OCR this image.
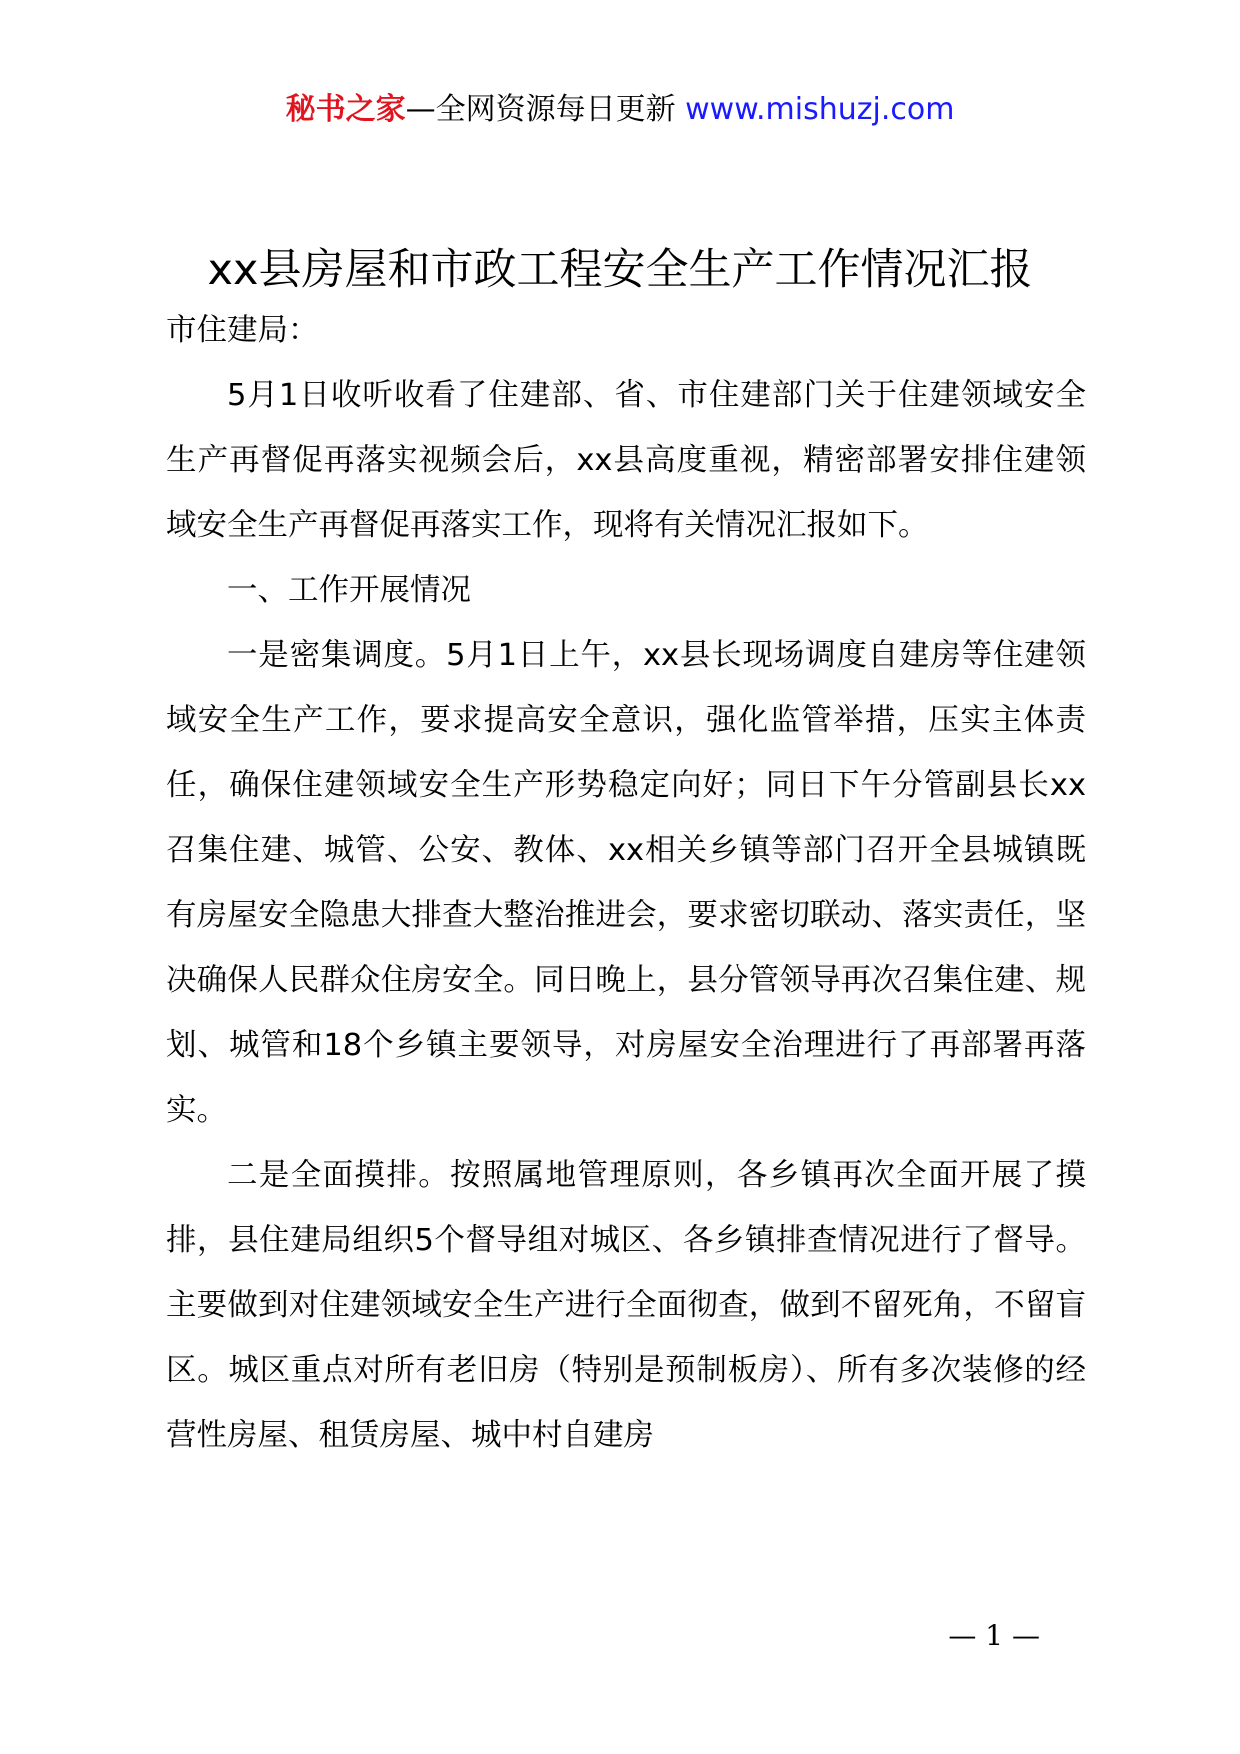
秘书之家—全网资源每日更新 www.mishuzj.com
xx县房屋和市政工程安全生产工作情况汇报

市住建局：

5月1日收听收看了住建部、省、市住建部门关于住建领域安全生产再督促再落实视频会后，xx县高度重视，精密部署安排住建领域安全生产再督促再落实工作，现将有关情况汇报如下。

一、工作开展情况

一是密集调度。5月1日上午，xx县长现场调度自建房等住建领域安全生产工作，要求提高安全意识，强化监管举措，压实主体责任，确保住建领域安全生产形势稳定向好；同日下午分管副县长xx召集住建、城管、公安、教体、xx相关乡镇等部门召开全县城镇既有房屋安全隐患大排查大整治推进会，要求密切联动、落实责任，坚决确保人民群众住房安全。同日晚上，县分管领导再次召集住建、规划、城管和18个乡镇主要领导，对房屋安全治理进行了再部署再落实。

二是全面摸排。按照属地管理原则，各乡镇再次全面开展了摸排，县住建局组织5个督导组对城区、各乡镇排查情况进行了督导。主要做到对住建领域安全生产进行全面彻查，做到不留死角，不留盲区。城区重点对所有老旧房（特别是预制板房）、所有多次装修的经营性房屋、租赁房屋、城中村自建房

— 1 —
